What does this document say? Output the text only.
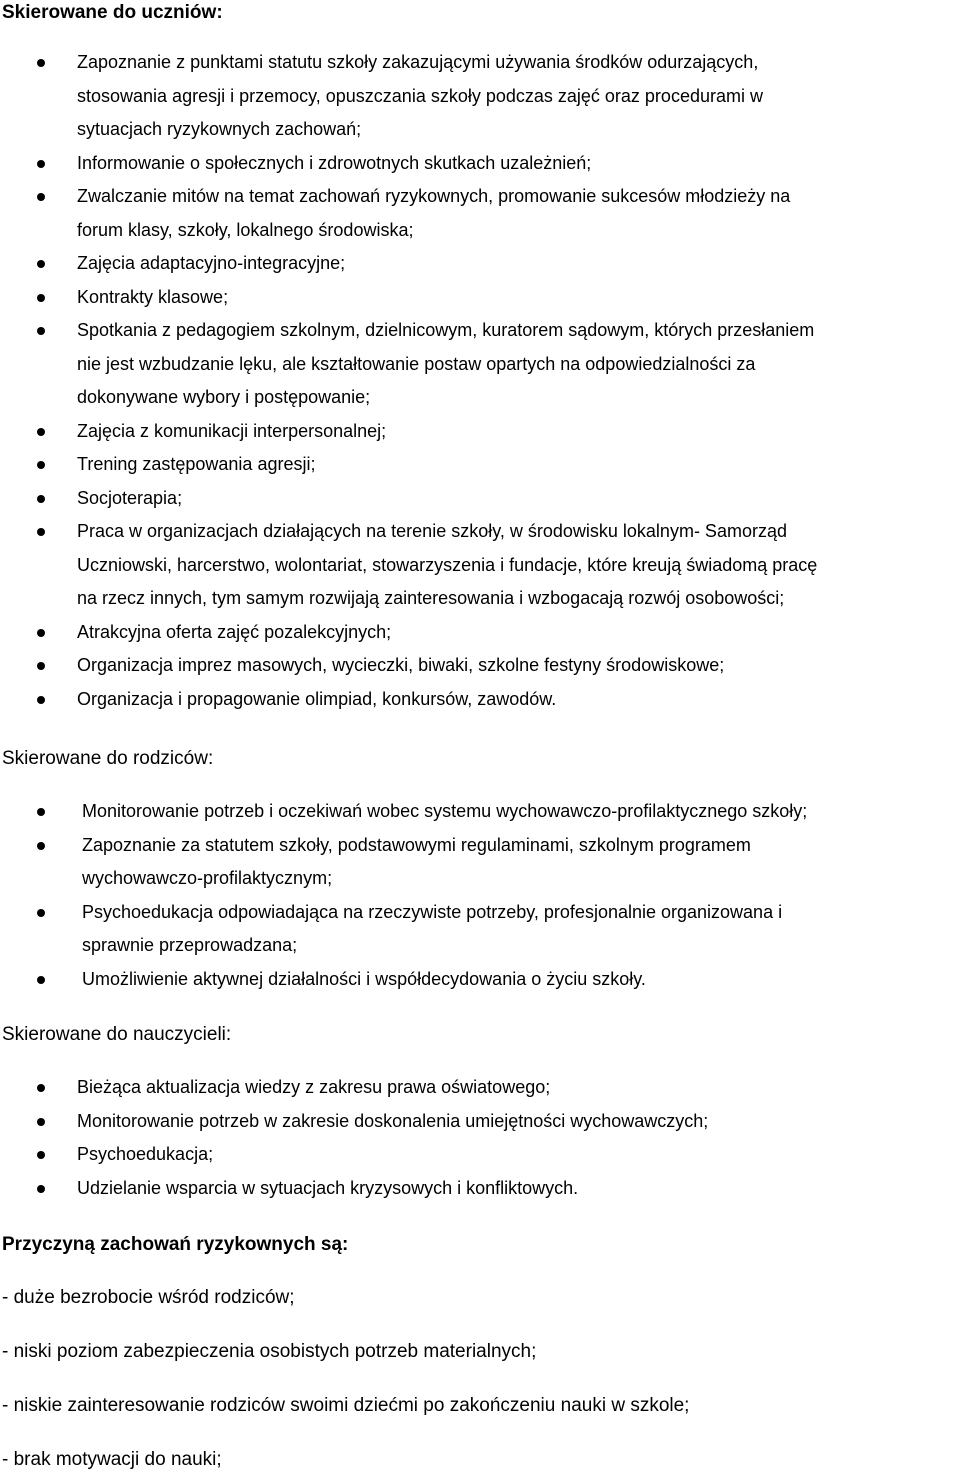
Skierowane do uczniów:
Zapoznanie z punktami statutu szkoły zakazującymi używania środków odurzających,
stosowania agresji i przemocy, opuszczania szkoły podczas zajęć oraz procedurami w
sytuacjach ryzykownych zachowań;
Informowanie o społecznych i zdrowotnych skutkach uzależnień;
Zwalczanie mitów na temat zachowań ryzykownych, promowanie sukcesów młodzieży na
forum klasy, szkoły, lokalnego środowiska;
Zajęcia adaptacyjno-integracyjne;
Kontrakty klasowe;
Spotkania z pedagogiem szkolnym, dzielnicowym, kuratorem sądowym, których przesłaniem
nie jest wzbudzanie lęku, ale kształtowanie postaw opartych na odpowiedzialności za
dokonywane wybory i postępowanie;
Zajęcia z komunikacji interpersonalnej;
Trening zastępowania agresji;
Socjoterapia;
Praca w organizacjach działających na terenie szkoły, w środowisku lokalnym- Samorząd
Uczniowski, harcerstwo, wolontariat, stowarzyszenia i fundacje, które kreują świadomą pracę
na rzecz innych, tym samym rozwijają zainteresowania i wzbogacają rozwój osobowości;
Atrakcyjna oferta zajęć pozalekcyjnych;
Organizacja imprez masowych, wycieczki, biwaki, szkolne festyny środowiskowe;
Organizacja i propagowanie olimpiad, konkursów, zawodów.
Skierowane do rodziców:
Monitorowanie potrzeb i oczekiwań wobec systemu wychowawczo-profilaktycznego szkoły;
Zapoznanie za statutem szkoły, podstawowymi regulaminami, szkolnym programem
wychowawczo-profilaktycznym;
Psychoedukacja odpowiadająca na rzeczywiste potrzeby, profesjonalnie organizowana i
sprawnie przeprowadzana;
Umożliwienie aktywnej działalności i współdecydowania o życiu szkoły.
Skierowane do nauczycieli:
Bieżąca aktualizacja wiedzy z zakresu prawa oświatowego;
Monitorowanie potrzeb w zakresie doskonalenia umiejętności wychowawczych;
Psychoedukacja;
Udzielanie wsparcia w sytuacjach kryzysowych i konfliktowych.
Przyczyną zachowań ryzykownych są:
- duże bezrobocie wśród rodziców;
- niski poziom zabezpieczenia osobistych potrzeb materialnych;
- niskie zainteresowanie rodziców swoimi dziećmi po zakończeniu nauki w szkole;
- brak motywacji do nauki;
